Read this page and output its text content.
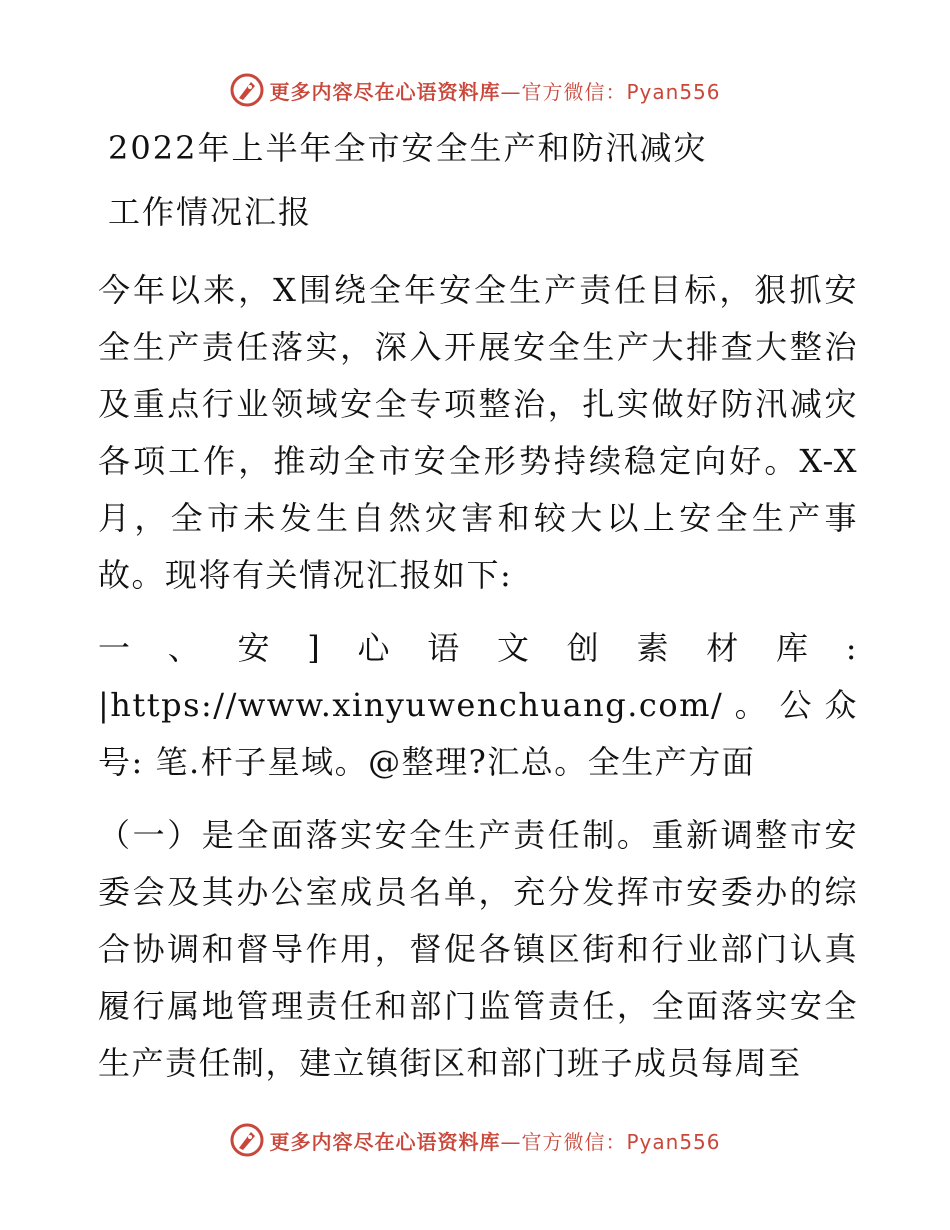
更多内容尽在心语资料库—官方微信：Pyan556
2022年上半年全市安全生产和防汛减灾
工作情况汇报

今年以来，X围绕全年安全生产责任目标，狠抓安全生产责任落实，深入开展安全生产大排查大整治及重点行业领域安全专项整治，扎实做好防汛减灾各项工作，推动全市安全形势持续稳定向好。X-X月，全市未发生自然灾害和较大以上安全生产事故。现将有关情况汇报如下:

一、安]心语文创素材库: |https://www.xinyuwenchuang.com/。公众号: 笔.杆子星域。@整理?汇总。全生产方面

（一）是全面落实安全生产责任制。重新调整市安委会及其办公室成员名单，充分发挥市安委办的综合协调和督导作用，督促各镇区街和行业部门认真履行属地管理责任和部门监管责任，全面落实安全生产责任制，建立镇街区和部门班子成员每周至

更多内容尽在心语资料库—官方微信：Pyan556
